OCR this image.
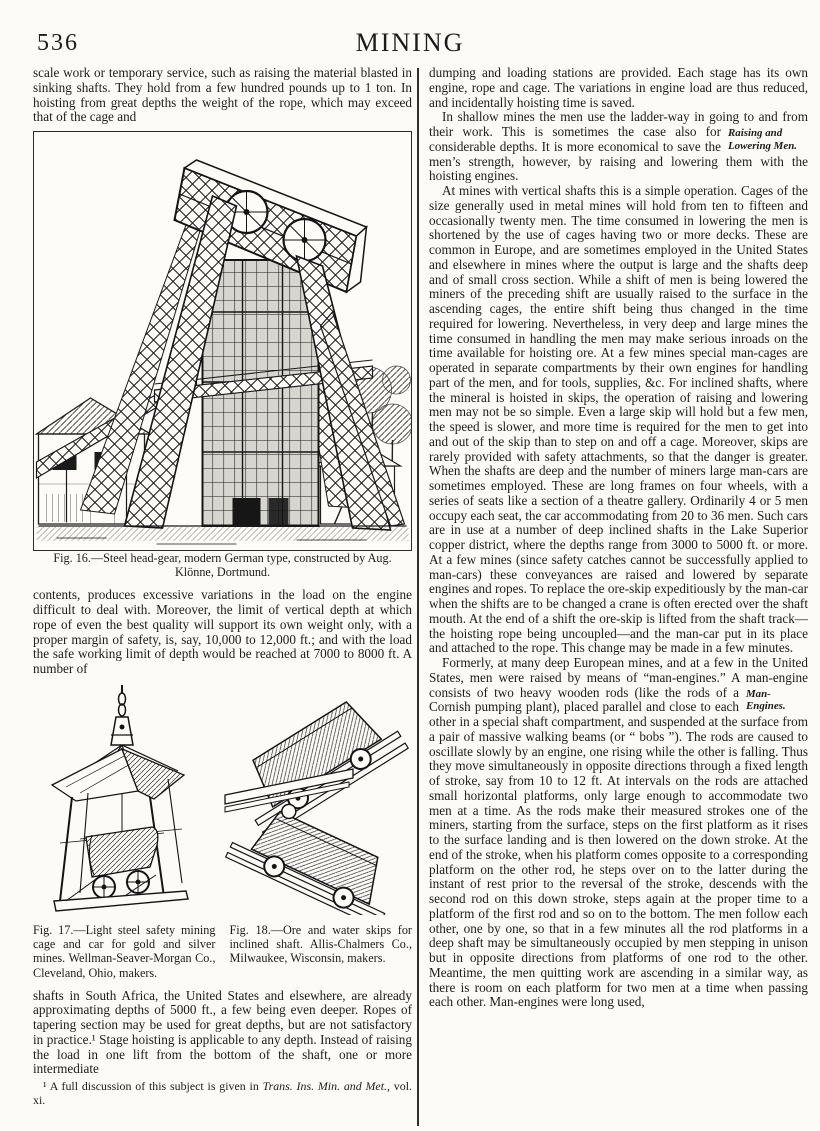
536	MINING

scale work or temporary service, such as raising the material blasted in sinking shafts. They hold from a few hundred pounds up to 1 ton. In hoisting from great depths the weight of the rope, which may exceed that of the cage and

Fig. 16.—Steel head-gear, modern German type, constructed by Aug. Klönne, Dortmund.

contents, produces excessive variations in the load on the engine difficult to deal with. Moreover, the limit of vertical depth at which rope of even the best quality will support its own weight only, with a proper margin of safety, is, say, 10,000 to 12,000 ft.; and with the load the safe working limit of depth would be reached at 7000 to 8000 ft. A number of

Fig. 17.—Light steel safety mining cage and car for gold and silver mines. Wellman-Seaver-Morgan Co., Cleveland, Ohio, makers.

Fig. 18.—Ore and water skips for inclined shaft. Allis-Chalmers Co., Milwaukee, Wisconsin, makers.

shafts in South Africa, the United States and elsewhere, are already approximating depths of 5000 ft., a few being even deeper. Ropes of tapering section may be used for great depths, but are not satisfactory in practice.¹ Stage hoisting is applicable to any depth. Instead of raising the load in one lift from the bottom of the shaft, one or more intermediate

¹ A full discussion of this subject is given in Trans. Ins. Min. and Met., vol. xi.

dumping and loading stations are provided. Each stage has its own engine, rope and cage. The variations in engine load are thus reduced, and incidentally hoisting time is saved.

In shallow mines the men use the ladder-way in going to and from their work. This is sometimes the case	Raising and Lowering Men.
also for considerable depths. It is more economical to save the men’s strength, however, by raising and lowering them with the hoisting engines.

At mines with vertical shafts this is a simple operation. Cages of the size generally used in metal mines will hold from ten to fifteen and occasionally twenty men. The time consumed in lowering the men is shortened by the use of cages having two or more decks. These are common in Europe, and are sometimes employed in the United States and elsewhere in mines where the output is large and the shafts deep and of small cross section. While a shift of men is being lowered the miners of the preceding shift are usually raised to the surface in the ascending cages, the entire shift being thus changed in the time required for lowering. Nevertheless, in very deep and large mines the time consumed in handling the men may make serious inroads on the time available for hoisting ore. At a few mines special man-cages are operated in separate compartments by their own engines for handling part of the men, and for tools, supplies, &c. For inclined shafts, where the mineral is hoisted in skips, the operation of raising and lowering men may not be so simple. Even a large skip will hold but a few men, the speed is slower, and more time is required for the men to get into and out of the skip than to step on and off a cage. Moreover, skips are rarely provided with safety attachments, so that the danger is greater. When the shafts are deep and the number of miners large man-cars are sometimes employed. These are long frames on four wheels, with a series of seats like a section of a theatre gallery. Ordinarily 4 or 5 men occupy each seat, the car accommodating from 20 to 36 men. Such cars are in use at a number of deep inclined shafts in the Lake Superior copper district, where the depths range from 3000 to 5000 ft. or more. At a few mines (since safety catches cannot be successfully applied to man-cars) these conveyances are raised and lowered by separate engines and ropes. To replace the ore-skip expeditiously by the man-car when the shifts are to be changed a crane is often erected over the shaft mouth. At the end of a shift the ore-skip is lifted from the shaft track—the hoisting rope being uncoupled—and the man-car put in its place and attached to the rope. This change may be made in a few minutes.

Formerly, at many deep European mines, and at a few in the United States, men were raised by means of “man-engines.” A man-engine consists of two heavy wooden rods	Man-Engines.
(like the rods of a Cornish pumping plant), placed parallel and close to each other in a special shaft compartment, and suspended at the surface from a pair of massive walking beams (or “ bobs ”). The rods are caused to oscillate slowly by an engine, one rising while the other is falling. Thus they move simultaneously in opposite directions through a fixed length of stroke, say from 10 to 12 ft. At intervals on the rods are attached small horizontal platforms, only large enough to accommodate two men at a time. As the rods make their measured strokes one of the miners, starting from the surface, steps on the first platform as it rises to the surface landing and is then lowered on the down stroke. At the end of the stroke, when his platform comes opposite to a corresponding platform on the other rod, he steps over on to the latter during the instant of rest prior to the reversal of the stroke, descends with the second rod on this down stroke, steps again at the proper time to a platform of the first rod and so on to the bottom. The men follow each other, one by one, so that in a few minutes all the rod platforms in a deep shaft may be simultaneously occupied by men stepping in unison but in opposite directions from platforms of one rod to the other. Meantime, the men quitting work are ascending in a similar way, as there is room on each platform for two men at a time when passing each other. Man-engines were long used,
